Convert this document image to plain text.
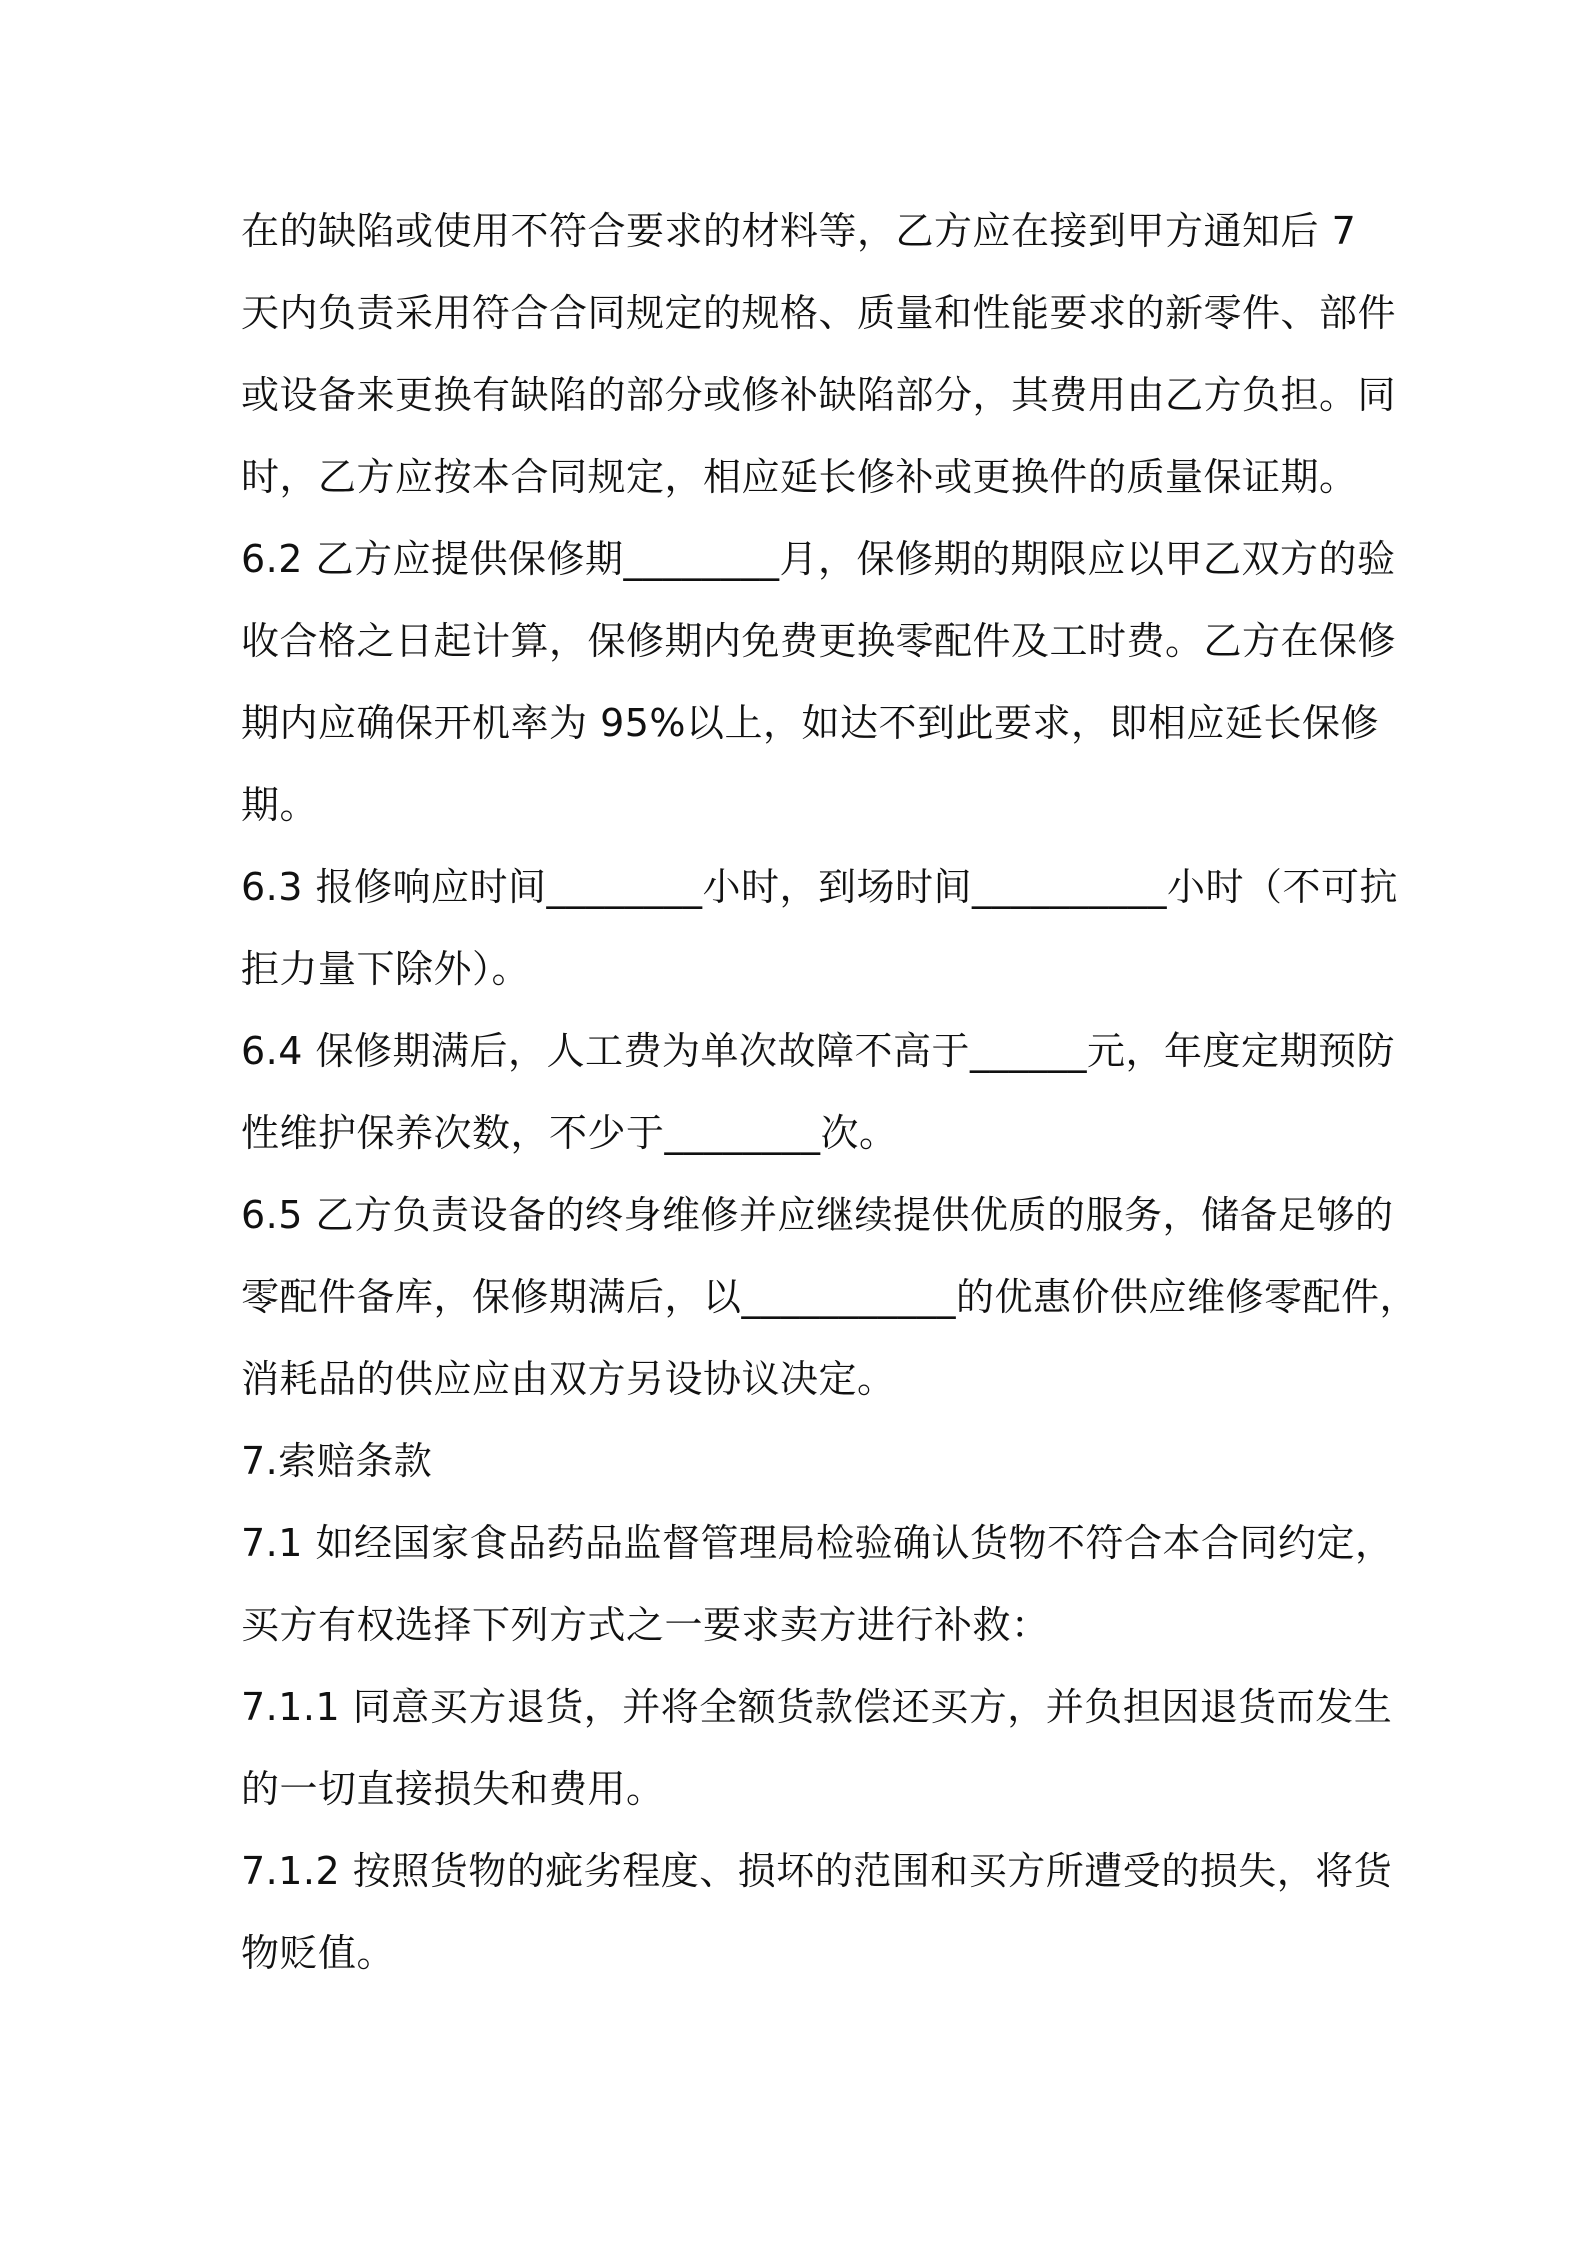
在的缺陷或使用不符合要求的材料等，乙方应在接到甲方通知后 7
天内负责采用符合合同规定的规格、质量和性能要求的新零件、部件
或设备来更换有缺陷的部分或修补缺陷部分，其费用由乙方负担。同
时，乙方应按本合同规定，相应延长修补或更换件的质量保证期。
6.2 乙方应提供保修期________月，保修期的期限应以甲乙双方的验
收合格之日起计算，保修期内免费更换零配件及工时费。乙方在保修
期内应确保开机率为 95%以上，如达不到此要求，即相应延长保修
期。
6.3 报修响应时间________小时，到场时间__________小时（不可抗
拒力量下除外）。
6.4 保修期满后，人工费为单次故障不高于______元，年度定期预防
性维护保养次数，不少于________次。
6.5 乙方负责设备的终身维修并应继续提供优质的服务，储备足够的
零配件备库，保修期满后，以___________的优惠价供应维修零配件，
消耗品的供应应由双方另设协议决定。
7.索赔条款
7.1 如经国家食品药品监督管理局检验确认货物不符合本合同约定，
买方有权选择下列方式之一要求卖方进行补救：
7.1.1 同意买方退货，并将全额货款偿还买方，并负担因退货而发生
的一切直接损失和费用。
7.1.2 按照货物的疵劣程度、损坏的范围和买方所遭受的损失，将货
物贬值。
